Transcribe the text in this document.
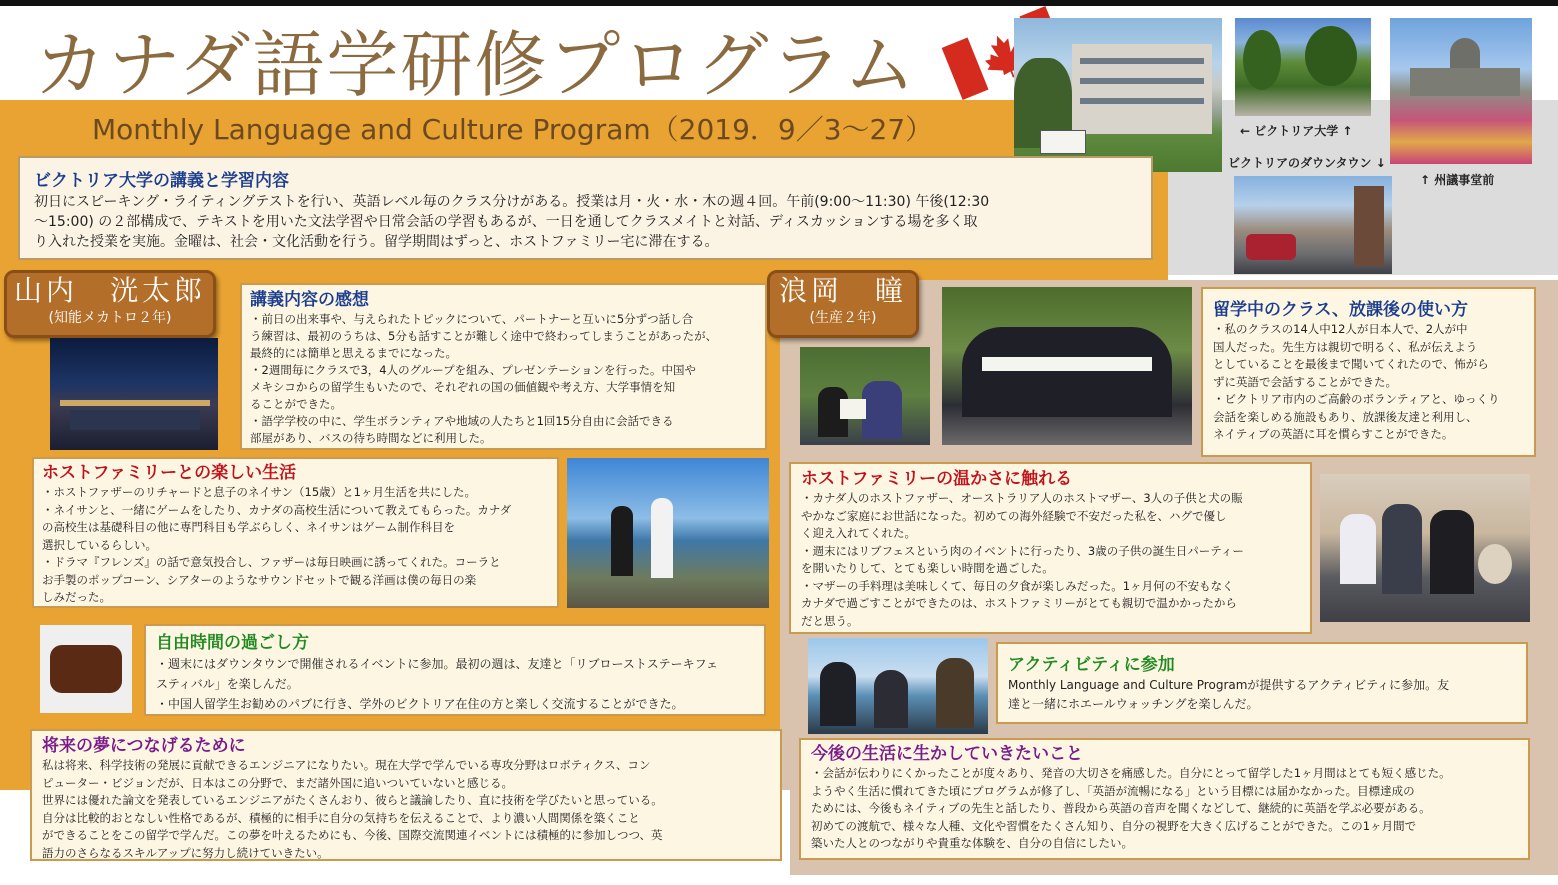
カナダ語学研修プログラム
Monthly Language and Culture Program（2019．9／3～27）	← ビクトリア大学 ↑
ビクトリアのダウンタウン ↓
↑ 州議事堂前
ビクトリア大学の講義と学習内容

初日にスピーキング・ライティングテストを行い、英語レベル毎のクラス分けがある。授業は月・火・水・木の週４回。午前(9:00～11:30) 午後(12:30
～15:00) の２部構成で、テキストを用いた文法学習や日常会話の学習もあるが、一日を通してクラスメイトと対話、ディスカッションする場を多く取
り入れた授業を実施。金曜は、社会・文化活動を行う。留学期間はずっと、ホストファミリー宅に滞在する。

山内　洸太郎
(知能メカトロ２年)
浪岡　瞳
(生産２年)
講義内容の感想

・前日の出来事や、与えられたトピックについて、パートナーと互いに5分ずつ話し合
う練習は、最初のうちは、5分も話すことが難しく途中で終わってしまうことがあったが、
最終的には簡単と思えるまでになった。
・2週間毎にクラスで3，4人のグループを組み、プレゼンテーションを行った。中国や
メキシコからの留学生もいたので、それぞれの国の価値観や考え方、大学事情を知
ることができた。
・語学学校の中に、学生ボランティアや地域の人たちと1回15分自由に会話できる
部屋があり、バスの待ち時間などに利用した。

ホストファミリーとの楽しい生活

・ホストファザーのリチャードと息子のネイサン（15歳）と1ヶ月生活を共にした。
・ネイサンと、一緒にゲームをしたり、カナダの高校生活について教えてもらった。カナダ
の高校生は基礎科目の他に専門科目も学ぶらしく、ネイサンはゲーム制作科目を
選択しているらしい。
・ドラマ『フレンズ』の話で意気投合し、ファザーは毎日映画に誘ってくれた。コーラと
お手製のポップコーン、シアターのようなサウンドセットで観る洋画は僕の毎日の楽
しみだった。

自由時間の過ごし方

・週末にはダウンタウンで開催されるイベントに参加。最初の週は、友達と「リブローストステーキフェ
スティバル」を楽しんだ。
・中国人留学生お勧めのパブに行き、学外のビクトリア在住の方と楽しく交流することができた。

将来の夢につなげるために

私は将来、科学技術の発展に貢献できるエンジニアになりたい。現在大学で学んでいる専攻分野はロボティクス、コン
ピューター・ビジョンだが、日本はこの分野で、まだ諸外国に追いついていないと感じる。
世界には優れた論文を発表しているエンジニアがたくさんおり、彼らと議論したり、直に技術を学びたいと思っている。
自分は比較的おとなしい性格であるが、積極的に相手に自分の気持ちを伝えることで、より濃い人間関係を築くこと
ができることをこの留学で学んだ。この夢を叶えるためにも、今後、国際交流関連イベントには積極的に参加しつつ、英
語力のさらなるスキルアップに努力し続けていきたい。

留学中のクラス、放課後の使い方

・私のクラスの14人中12人が日本人で、2人が中
国人だった。先生方は親切で明るく、私が伝えよう
としていることを最後まで聞いてくれたので、怖がら
ずに英語で会話することができた。
・ビクトリア市内のご高齢のボランティアと、ゆっくり
会話を楽しめる施設もあり、放課後友達と利用し、
ネイティブの英語に耳を慣らすことができた。

ホストファミリーの温かさに触れる

・カナダ人のホストファザー、オーストラリア人のホストマザー、3人の子供と犬の賑
やかなご家庭にお世話になった。初めての海外経験で不安だった私を、ハグで優し
く迎え入れてくれた。
・週末にはリブフェスという肉のイベントに行ったり、3歳の子供の誕生日パーティー
を開いたりして、とても楽しい時間を過ごした。
・マザーの手料理は美味しくて、毎日の夕食が楽しみだった。1ヶ月何の不安もなく
カナダで過ごすことができたのは、ホストファミリーがとても親切で温かかったから
だと思う。

アクティビティに参加

Monthly Language and Culture Programが提供するアクティビティに参加。友
達と一緒にホエールウォッチングを楽しんだ。

今後の生活に生かしていきたいこと

・会話が伝わりにくかったことが度々あり、発音の大切さを痛感した。自分にとって留学した1ヶ月間はとても短く感じた。
ようやく生活に慣れてきた頃にプログラムが修了し、「英語が流暢になる」という目標には届かなかった。目標達成の
ためには、今後もネイティブの先生と話したり、普段から英語の音声を聞くなどして、継続的に英語を学ぶ必要がある。
初めての渡航で、様々な人種、文化や習慣をたくさん知り、自分の視野を大きく広げることができた。この1ヶ月間で
築いた人とのつながりや貴重な体験を、自分の自信にしたい。
